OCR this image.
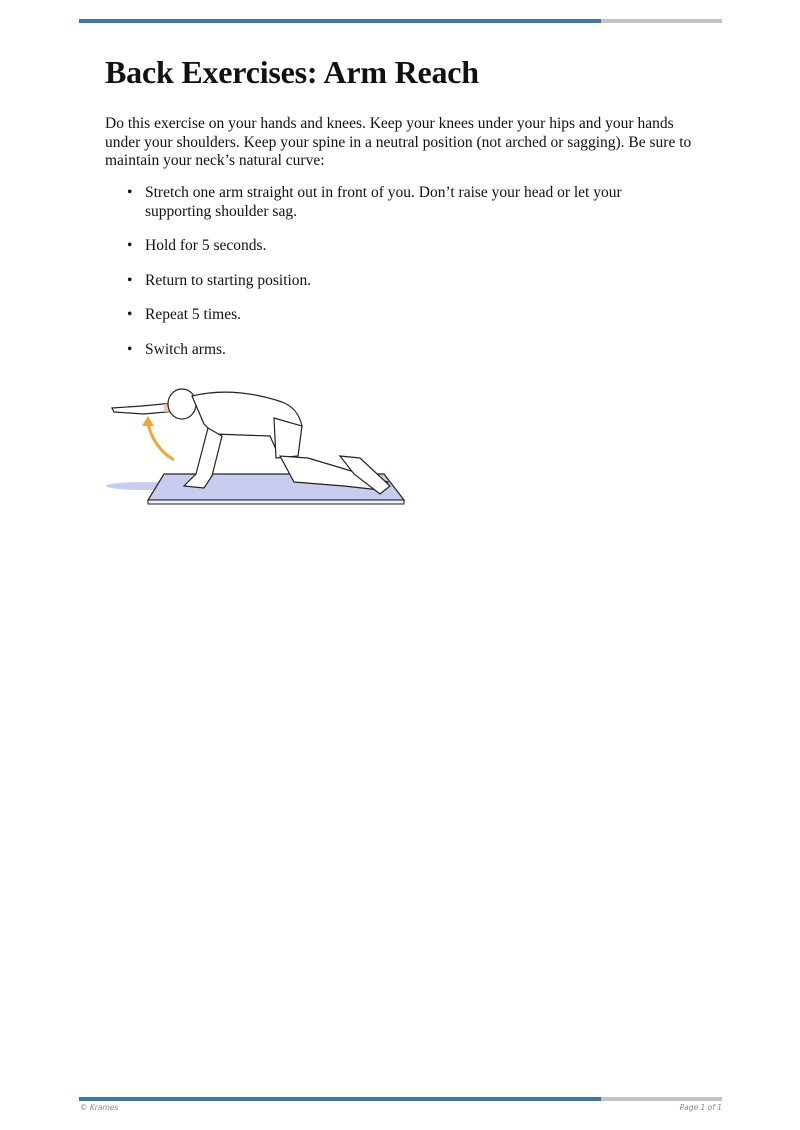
Back Exercises: Arm Reach

Do this exercise on your hands and knees. Keep your knees under your hips and your hands under your shoulders. Keep your spine in a neutral position (not arched or sagging). Be sure to maintain your neck’s natural curve:

• Stretch one arm straight out in front of you. Don’t raise your head or let your supporting shoulder sag.
• Hold for 5 seconds.
• Return to starting position.
• Repeat 5 times.
• Switch arms.
© Krames	Page 1 of 1
